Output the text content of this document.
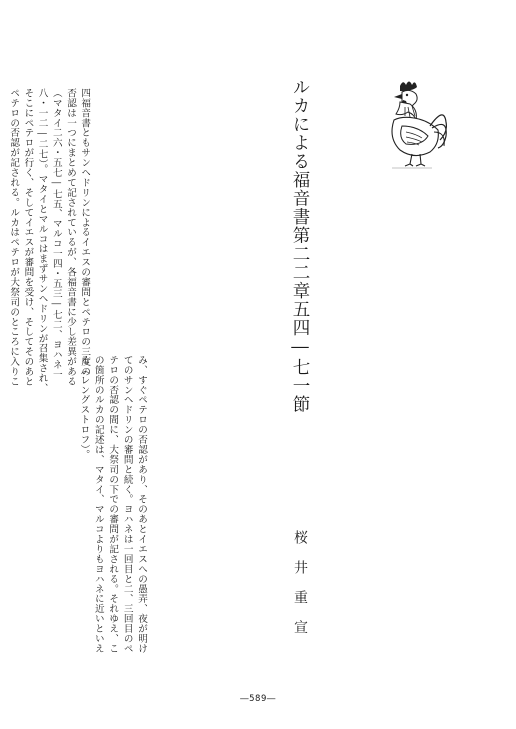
ルカによる福音書第二二章五四―七一節
桜井重宣
四福音書ともサンヘドリンによるイエスの審問とペテロの三度の
否認は一つにまとめて記されているが、各福音書に少し差異がある
（マタイ二六・五七―七五、マルコ一四・五三―七二、ヨハネ一
八・一二―二七）。マタイとマルコはまずサンヘドリンが召集され、
そこにペテロが行く、そしてイエスが審問を受け、そしてそのあと
ペテロの否認が記される。ルカはペテロが大祭司のところに入りこ
み、すぐペテロの否認があり、そのあとイエスへの愚弄、夜が明け
てのサンヘドリンの審問と続く。ヨハネは一回目と二、三回目のペ
テロの否認の間に、大祭司の下での審問が記される。それゆえ、こ
の箇所のルカの記述は、マタイ、マルコよりもヨハネに近いといえ
る（レングストロフ）。
―589―
